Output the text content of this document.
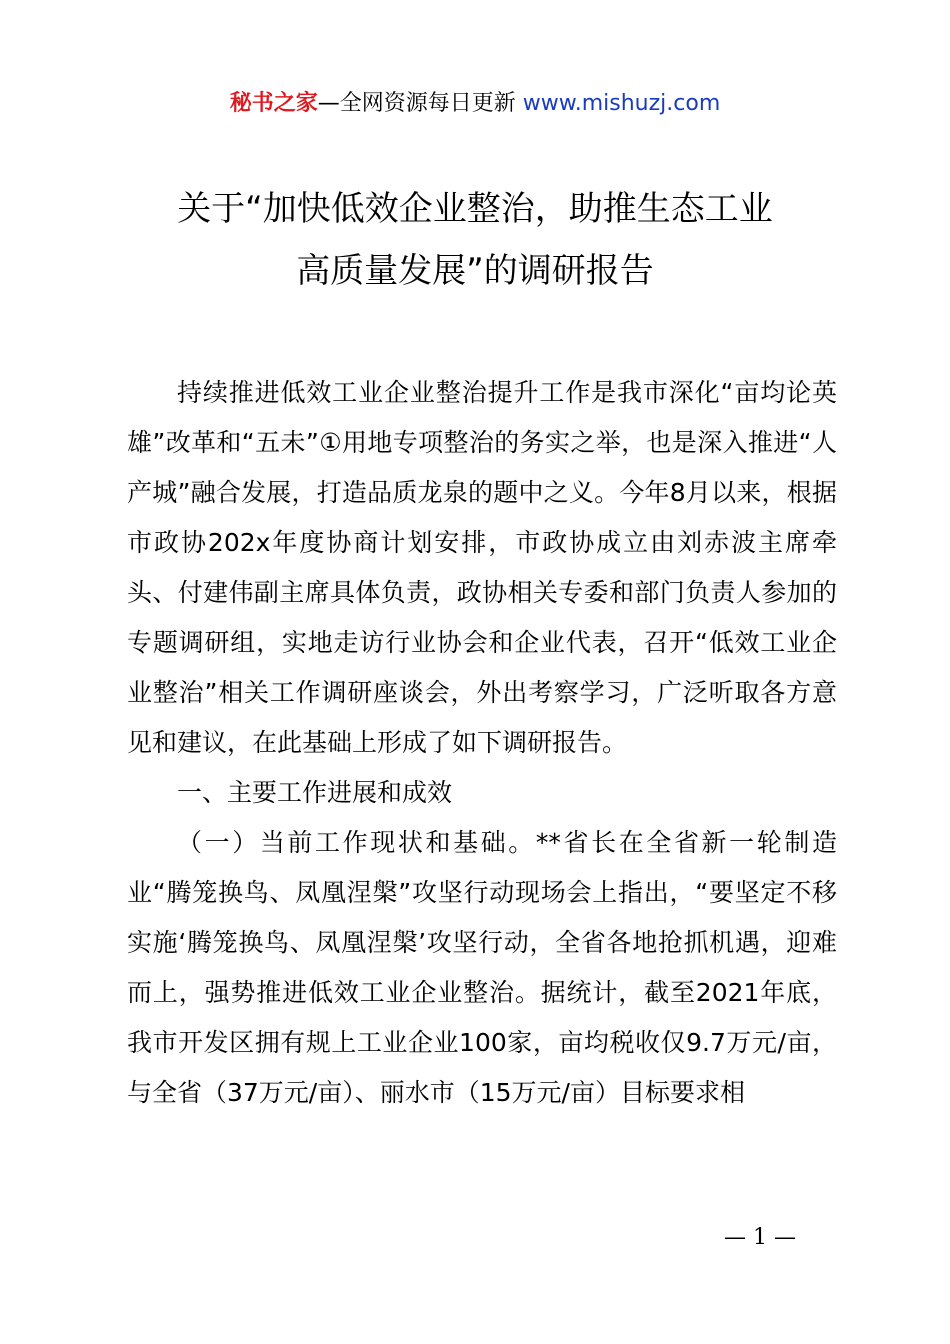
秘书之家—全网资源每日更新 www.mishuzj.com
关于“加快低效企业整治，助推生态工业
高质量发展”的调研报告

持续推进低效工业企业整治提升工作是我市深化“亩均论英雄”改革和“五未”①用地专项整治的务实之举，也是深入推进“人产城”融合发展，打造品质龙泉的题中之义。今年8月以来，根据市政协202x年度协商计划安排，市政协成立由刘赤波主席牵头、付建伟副主席具体负责，政协相关专委和部门负责人参加的专题调研组，实地走访行业协会和企业代表，召开“低效工业企业整治”相关工作调研座谈会，外出考察学习，广泛听取各方意见和建议，在此基础上形成了如下调研报告。

一、主要工作进展和成效

（一）当前工作现状和基础。**省长在全省新一轮制造业“腾笼换鸟、凤凰涅槃”攻坚行动现场会上指出，“要坚定不移实施‘腾笼换鸟、凤凰涅槃’攻坚行动，全省各地抢抓机遇，迎难而上，强势推进低效工业企业整治。据统计，截至2021年底，我市开发区拥有规上工业企业100家，亩均税收仅9.7万元/亩，与全省（37万元/亩）、丽水市（15万元/亩）目标要求相

— 1 —
